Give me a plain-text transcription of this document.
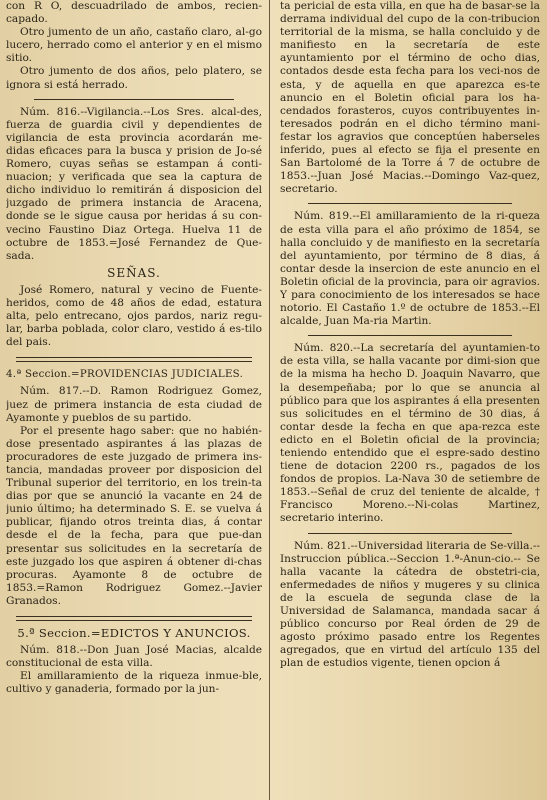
con R O, descuadrilado de ambos, recien-capado.

Otro jumento de un año, castaño claro, al-go lucero, herrado como el anterior y en el mismo sitio.

Otro jumento de dos años, pelo platero, se ignora si está herrado.

Núm. 816.--Vigilancia.--Los Sres. alcal-des, fuerza de guardia civil y dependientes de vigilancia de esta provincia acordarán me-didas eficaces para la busca y prision de Jo-sé Romero, cuyas señas se estampan á conti-nuacion; y verificada que sea la captura de dicho individuo lo remitirán á disposicion del juzgado de primera instancia de Aracena, donde se le sigue causa por heridas á su con-vecino Faustino Diaz Ortega. Huelva 11 de octubre de 1853.=José Fernandez de Que-sada.

SEÑAS.

José Romero, natural y vecino de Fuente-heridos, como de 48 años de edad, estatura alta, pelo entrecano, ojos pardos, nariz regu-lar, barba poblada, color claro, vestido á es-tilo del pais.

4.ª Seccion.=PROVIDENCIAS JUDICIALES.

Núm. 817.--D. Ramon Rodriguez Gomez, juez de primera instancia de esta ciudad de Ayamonte y pueblos de su partido.

Por el presente hago saber: que no habién-dose presentado aspirantes á las plazas de procuradores de este juzgado de primera ins-tancia, mandadas proveer por disposicion del Tribunal superior del territorio, en los trein-ta dias por que se anunció la vacante en 24 de junio último; ha determinado S. E. se vuelva á publicar, fijando otros treinta dias, á contar desde el de la fecha, para que pue-dan presentar sus solicitudes en la secretaría de este juzgado los que aspiren á obtener di-chas procuras. Ayamonte 8 de octubre de 1853.=Ramon Rodriguez Gomez.--Javier Granados.

5.ª Seccion.=EDICTOS Y ANUNCIOS.

Núm. 818.--Don Juan José Macias, alcalde constitucional de esta villa.

El amillaramiento de la riqueza inmue-ble, cultivo y ganaderia, formado por la jun-

ta pericial de esta villa, en que ha de basar-se la derrama individual del cupo de la con-tribucion territorial de la misma, se halla concluido y de manifiesto en la secretaría de este ayuntamiento por el término de ocho dias, contados desde esta fecha para los veci-nos de esta, y de aquella en que aparezca es-te anuncio en el Boletin oficial para los ha-cendados forasteros, cuyos contribuyentes in-teresados podrán en el dicho término mani-festar los agravios que conceptúen haberseles inferido, pues al efecto se fija el presente en San Bartolomé de la Torre á 7 de octubre de 1853.--Juan José Macias.--Domingo Vaz-quez, secretario.

Núm. 819.--El amillaramiento de la ri-queza de esta villa para el año próximo de 1854, se halla concluido y de manifiesto en la secretaría del ayuntamiento, por término de 8 dias, á contar desde la insercion de este anuncio en el Boletin oficial de la provincia, para oir agravios. Y para conocimiento de los interesados se hace notorio. El Castaño 1.º de octubre de 1853.--El alcalde, Juan Ma-ria Martin.

Núm. 820.--La secretaría del ayuntamien-to de esta villa, se halla vacante por dimi-sion que de la misma ha hecho D. Joaquin Navarro, que la desempeñaba; por lo que se anuncia al público para que los aspirantes á ella presenten sus solicitudes en el término de 30 dias, á contar desde la fecha en que apa-rezca este edicto en el Boletin oficial de la provincia; teniendo entendido que el espre-sado destino tiene de dotacion 2200 rs., pagados de los fondos de propios. La-Nava 30 de setiembre de 1853.--Señal de cruz del teniente de alcalde, † Francisco Moreno.--Ni-colas Martinez, secretario interino.

Núm. 821.--Universidad literaria de Se-villa.--Instruccion pública.--Seccion 1.ª-Anun-cio.-- Se halla vacante la cátedra de obstetri-cia, enfermedades de niños y mugeres y su clinica de la escuela de segunda clase de la Universidad de Salamanca, mandada sacar á público concurso por Real órden de 29 de agosto próximo pasado entre los Regentes agregados, que en virtud del artículo 135 del plan de estudios vigente, tienen opcion á
